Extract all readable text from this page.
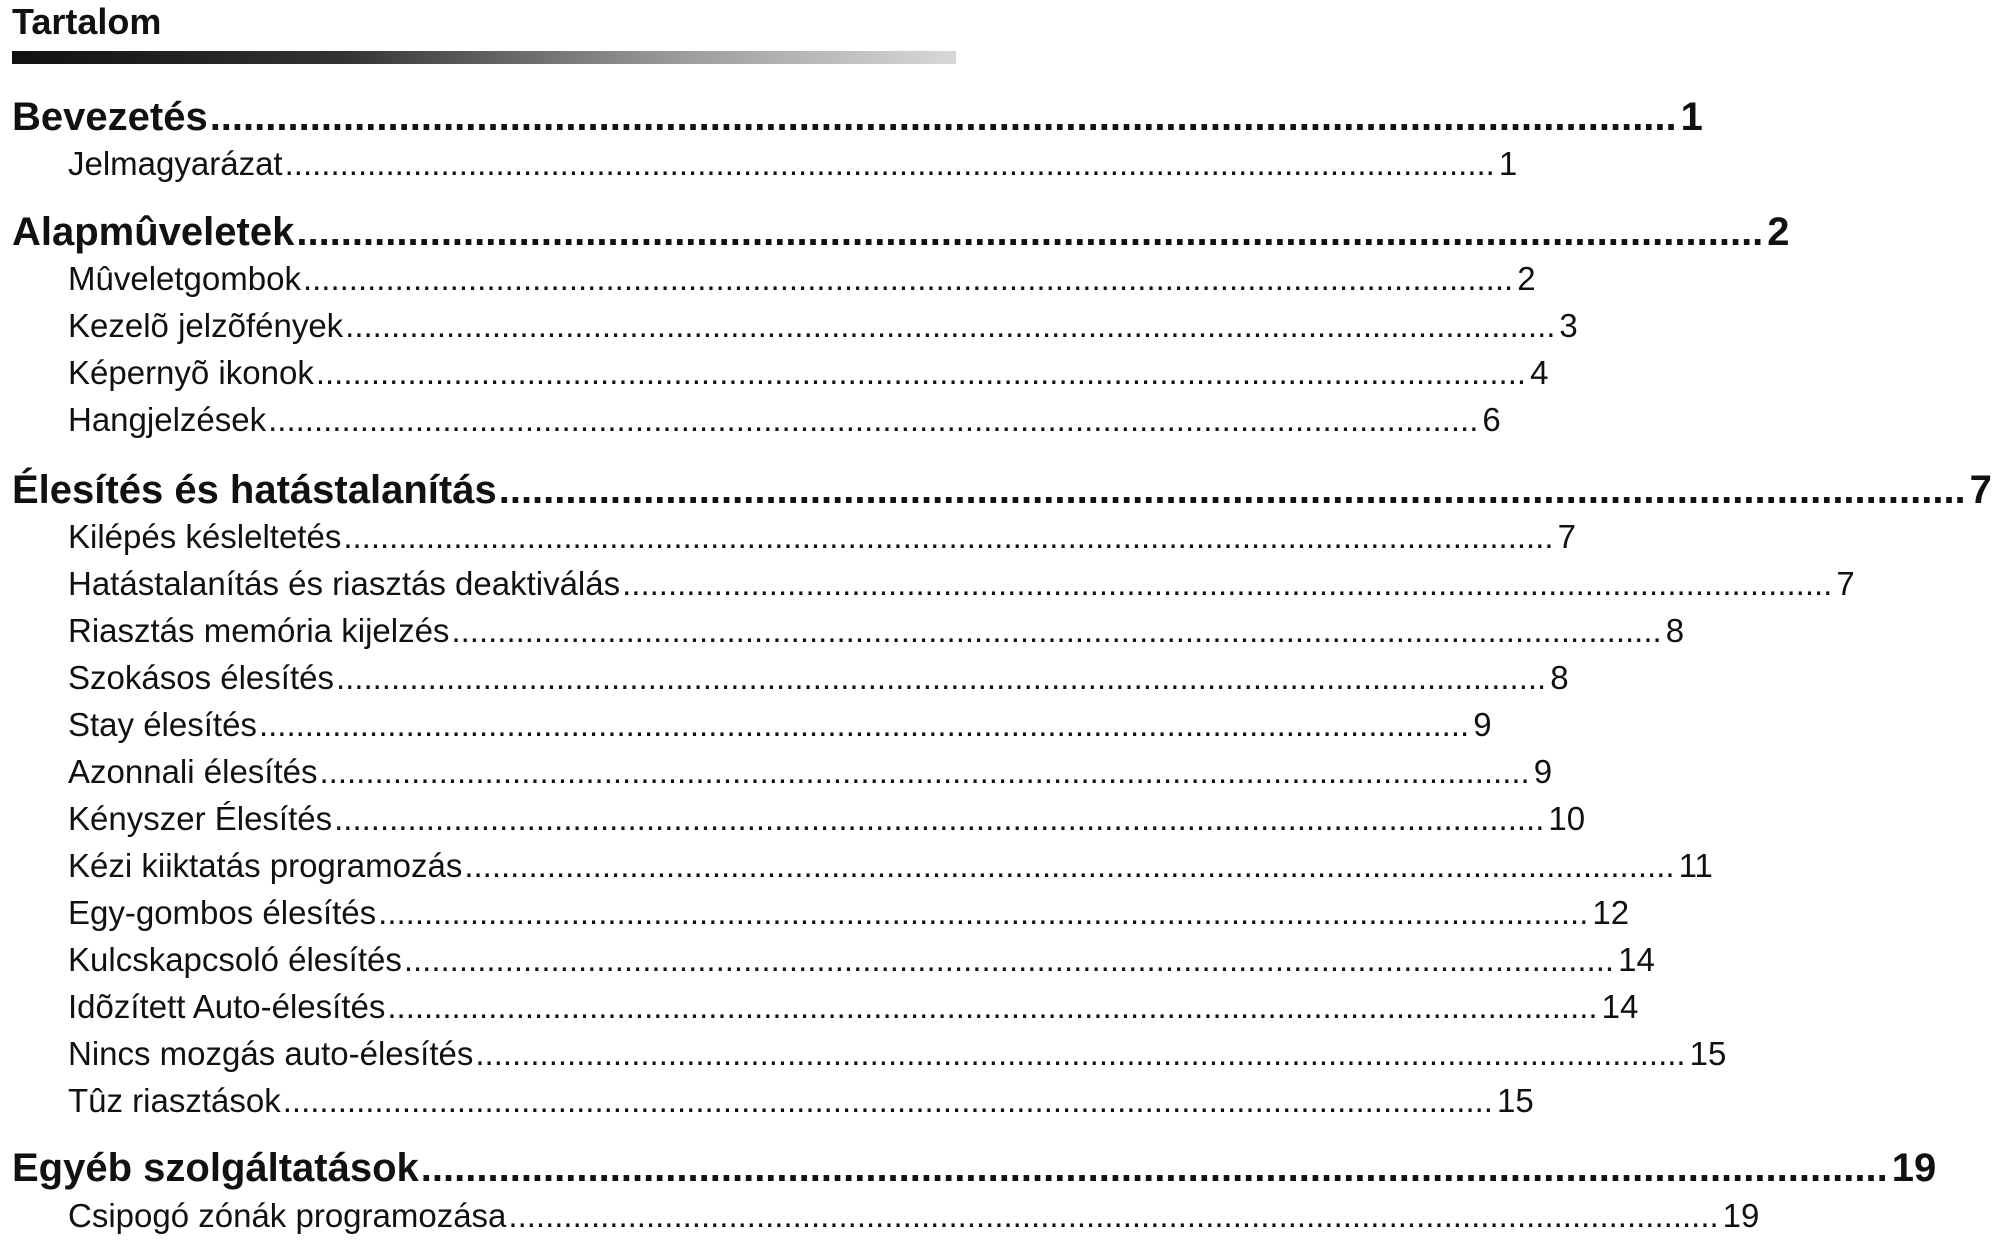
Tartalom
Bevezetés .................................................................................................................................... 1
Jelmagyarázat .................................................................................................................................... 1
Alapmûveletek .................................................................................................................................... 2
Mûveletgombok .................................................................................................................................... 2
Kezelõ jelzõfények .................................................................................................................................... 3
Képernyõ ikonok .................................................................................................................................... 4
Hangjelzések .................................................................................................................................... 6
Élesítés és hatástalanítás .................................................................................................................................... 7
Kilépés késleltetés .................................................................................................................................... 7
Hatástalanítás és riasztás deaktiválás .................................................................................................................................... 7
Riasztás memória kijelzés .................................................................................................................................... 8
Szokásos élesítés .................................................................................................................................... 8
Stay élesítés .................................................................................................................................... 9
Azonnali élesítés .................................................................................................................................... 9
Kényszer Élesítés .................................................................................................................................... 10
Kézi kiiktatás programozás .................................................................................................................................... 11
Egy-gombos élesítés .................................................................................................................................... 12
Kulcskapcsoló élesítés .................................................................................................................................... 14
Idõzített Auto-élesítés .................................................................................................................................... 14
Nincs mozgás auto-élesítés .................................................................................................................................... 15
Tûz riasztások .................................................................................................................................... 15
Egyéb szolgáltatások .................................................................................................................................... 19
Csipogó zónák programozása .................................................................................................................................... 19
